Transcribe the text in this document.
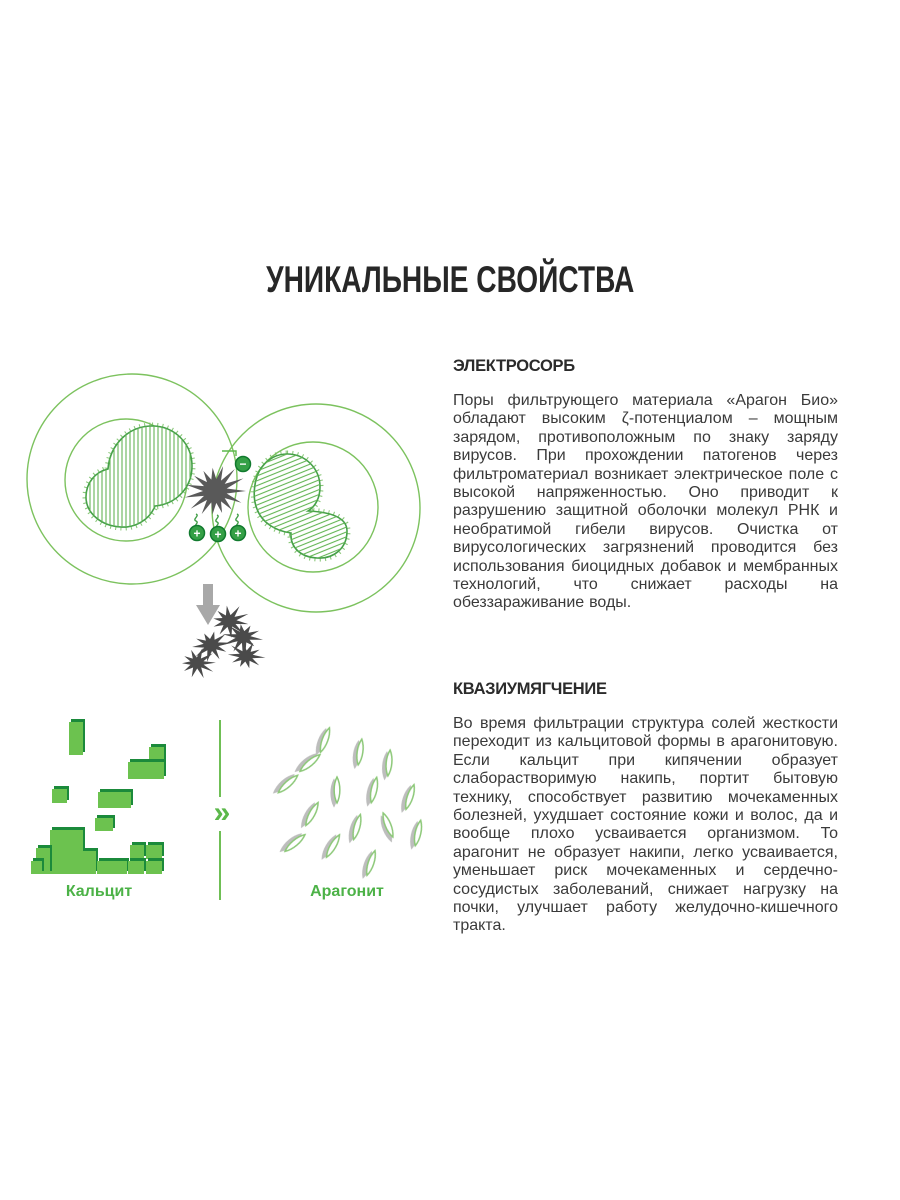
−
+ + +
»
Кальцит	Арагонит
УНИКАЛЬНЫЕ СВОЙСТВА
ЭЛЕКТРОСОРБ

Поры фильтрующего материала «Арагон Био» обладают высоким ζ-потенциалом – мощным зарядом, противоположным по знаку заряду вирусов. При прохождении патогенов через фильтроматериал возникает электрическое поле с высокой напряженностью. Оно приводит к разрушению защитной оболочки молекул РНК и необратимой гибели вирусов. Очистка от вирусологических загрязнений проводится без использования биоцидных добавок и мембранных технологий, что снижает расходы на обеззараживание воды.

КВАЗИУМЯГЧЕНИЕ

Во время фильтрации структура солей жесткости переходит из кальцитовой формы в арагонитовую. Если кальцит при кипячении образует слаборастворимую накипь, портит бытовую технику, способствует развитию мочекаменных болезней, ухудшает состояние кожи и волос, да и вообще плохо усваивается организмом. То арагонит не образует накипи, легко усваивается, уменьшает риск мочекаменных и сердечно-сосудистых заболеваний, снижает нагрузку на почки, улучшает работу желудочно-кишечного тракта.
